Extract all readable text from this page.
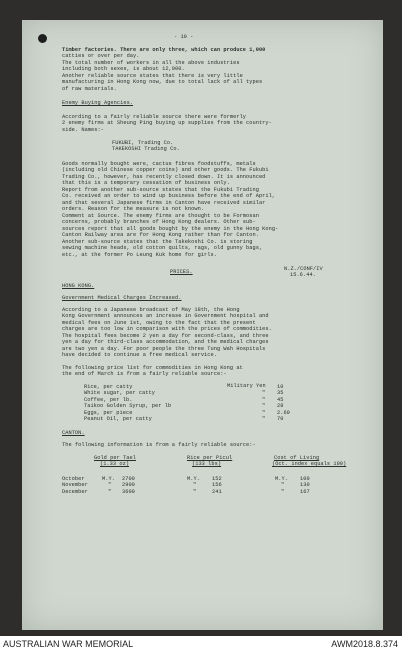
- 10 -
Timber factories. There are only three, which can produce 1,000
catties or over per day.
The total number of workers in all the above industries
including both sexes, is about 12,000.
Another reliable source states that there is very little
manufacturing in Hong Kong now, due to total lack of all types
of raw materials.
Enemy Buying Agencies.
According to a fairly reliable source there were formerly
2 enemy firms at Sheung Ping buying up supplies from the country-
side. Names:-
FUKUBI, Trading Co.
TAKEKOSHI Trading Co.
Goods normally bought were, cactus fibres foodstuffs, metals
(including old Chinese copper coins) and other goods. The Fukubi
Trading Co., however, has recently closed down. It is announced
that this is a temporary cessation of business only.
Report from another sub-source states that the Fukubi Trading
Co. received an order to wind up business before the end of April,
and that several Japanese firms in Canton have received similar
orders. Reason for the measure is not known.
Comment at Source. The enemy firms are thought to be Formosan
concerns, probably branches of Hong Kong dealers. Other sub-
sources report that all goods bought by the enemy in the Hong Kong-
Canton Railway area are for Hong Kong rather than for Canton.
Another sub-source states that the Takekoshi Co. is storing
sewing machine heads, old cotton quilts, rags, old gunny bags,
etc., at the former Po Leung Kuk home for girls.
PRICES.	N.Z./CONF/IV
15.6.44.
HONG KONG.
Government Medical Charges Increased.
According to a Japanese broadcast of May 18th, the Hong
Kong Government announces an increase in Government hospital and
medical fees on June 1st, owing to the fact that the present
charges are too low in comparison with the prices of commodities.
The hospital fees become 2 yen a day for second-class, and three
yen a day for third-class accommodation, and the medical charges
are two yen a day. For poor people the three Tung Wah Hospitals
have decided to continue a free medical service.
The following price list for commodities in Hong Kong at
the end of March is from a fairly reliable source:-
Military Yen
Rice, per catty	10
White sugar, per catty	" 35
Coffee, per lb.	" 45
Taikoo Golden Syrup, per lb	" 28
Eggs, per piece	" 2.60
Peanut Oil, per catty	" 70
CANTON.
The following information is from a fairly reliable source:-
Gold per Tael	Rice per Picul	Cost of Living
(1.33 oz)	(133 lbs)	(Oct. index equals 100)
October	M.Y. 2700	M.Y. 152	M.Y. 100
November	" 2900	"	156	"	130
December	" 3600	"	241	"	167
AUSTRALIAN WAR MEMORIAL	AWM2018.8.374
